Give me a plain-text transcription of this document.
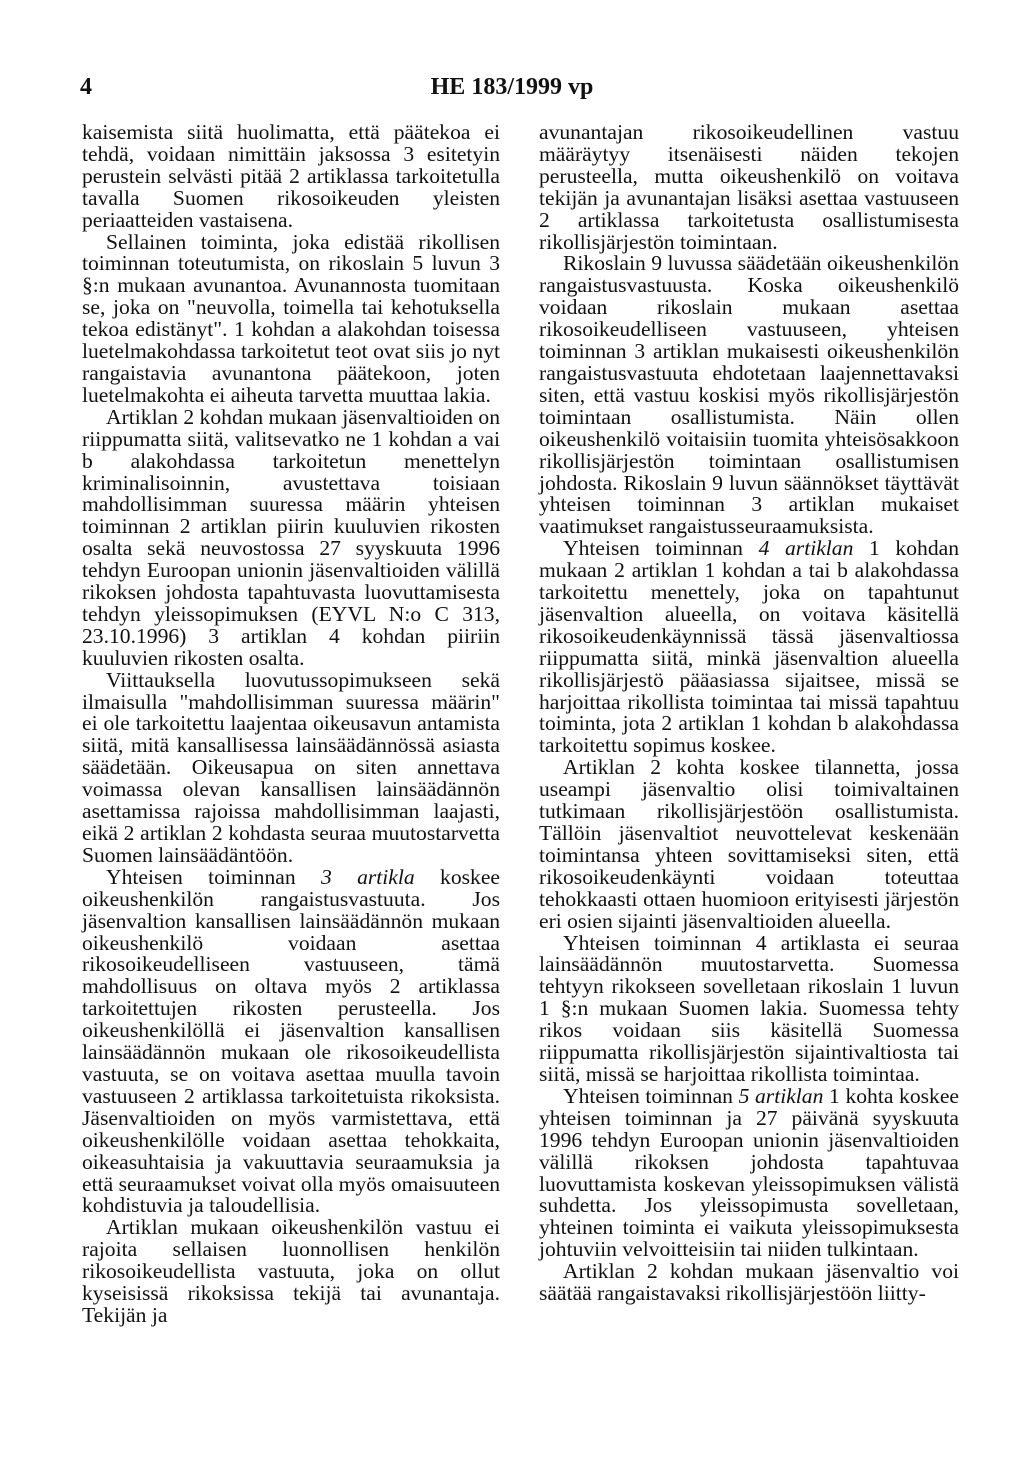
4	HE 183/1999 vp

kaisemista siitä huolimatta, että päätekoa ei tehdä, voidaan nimittäin jaksossa 3 esitetyin perustein selvästi pitää 2 artiklassa tarkoitetulla tavalla Suomen rikosoikeuden yleisten periaatteiden vastaisena.

Sellainen toiminta, joka edistää rikollisen toiminnan toteutumista, on rikoslain 5 luvun 3 §:n mukaan avunantoa. Avunannosta tuomitaan se, joka on "neuvolla, toimella tai kehotuksella tekoa edistänyt". 1 kohdan a alakohdan toisessa luetelmakohdassa tarkoitetut teot ovat siis jo nyt rangaistavia avunantona päätekoon, joten luetelmakohta ei aiheuta tarvetta muuttaa lakia.

Artiklan 2 kohdan mukaan jäsenvaltioiden on riippumatta siitä, valitsevatko ne 1 kohdan a vai b alakohdassa tarkoitetun menettelyn kriminalisoinnin, avustettava toisiaan mahdollisimman suuressa määrin yhteisen toiminnan 2 artiklan piirin kuuluvien rikosten osalta sekä neuvostossa 27 syyskuuta 1996 tehdyn Euroopan unionin jäsenvaltioiden välillä rikoksen johdosta tapahtuvasta luovuttamisesta tehdyn yleissopimuksen (EYVL N:o C 313, 23.10.1996) 3 artiklan 4 kohdan piiriin kuuluvien rikosten osalta.

Viittauksella luovutussopimukseen sekä ilmaisulla "mahdollisimman suuressa määrin" ei ole tarkoitettu laajentaa oikeusavun antamista siitä, mitä kansallisessa lainsäädännössä asiasta säädetään. Oikeusapua on siten annettava voimassa olevan kansallisen lainsäädännön asettamissa rajoissa mahdollisimman laajasti, eikä 2 artiklan 2 kohdasta seuraa muutostarvetta Suomen lainsäädäntöön.

Yhteisen toiminnan 3 artikla koskee oikeushenkilön rangaistusvastuuta. Jos jäsenvaltion kansallisen lainsäädännön mukaan oikeushenkilö voidaan asettaa rikosoikeudelliseen vastuuseen, tämä mahdollisuus on oltava myös 2 artiklassa tarkoitettujen rikosten perusteella. Jos oikeushenkilöllä ei jäsenvaltion kansallisen lainsäädännön mukaan ole rikosoikeudellista vastuuta, se on voitava asettaa muulla tavoin vastuuseen 2 artiklassa tarkoitetuista rikoksista. Jäsenvaltioiden on myös varmistettava, että oikeushenkilölle voidaan asettaa tehokkaita, oikeasuhtaisia ja vakuuttavia seuraamuksia ja että seuraamukset voivat olla myös omaisuuteen kohdistuvia ja taloudellisia.

Artiklan mukaan oikeushenkilön vastuu ei rajoita sellaisen luonnollisen henkilön rikosoikeudellista vastuuta, joka on ollut kyseisissä rikoksissa tekijä tai avunantaja. Tekijän ja

avunantajan rikosoikeudellinen vastuu määräytyy itsenäisesti näiden tekojen perusteella, mutta oikeushenkilö on voitava tekijän ja avunantajan lisäksi asettaa vastuuseen 2 artiklassa tarkoitetusta osallistumisesta rikollisjärjestön toimintaan.

Rikoslain 9 luvussa säädetään oikeushenkilön rangaistusvastuusta. Koska oikeushenkilö voidaan rikoslain mukaan asettaa rikosoikeudelliseen vastuuseen, yhteisen toiminnan 3 artiklan mukaisesti oikeushenkilön rangaistusvastuuta ehdotetaan laajennettavaksi siten, että vastuu koskisi myös rikollisjärjestön toimintaan osallistumista. Näin ollen oikeushenkilö voitaisiin tuomita yhteisösakkoon rikollisjärjestön toimintaan osallistumisen johdosta. Rikoslain 9 luvun säännökset täyttävät yhteisen toiminnan 3 artiklan mukaiset vaatimukset rangaistusseuraamuksista.

Yhteisen toiminnan 4 artiklan 1 kohdan mukaan 2 artiklan 1 kohdan a tai b alakohdassa tarkoitettu menettely, joka on tapahtunut jäsenvaltion alueella, on voitava käsitellä rikosoikeudenkäynnissä tässä jäsenvaltiossa riippumatta siitä, minkä jäsenvaltion alueella rikollisjärjestö pääasiassa sijaitsee, missä se harjoittaa rikollista toimintaa tai missä tapahtuu toiminta, jota 2 artiklan 1 kohdan b alakohdassa tarkoitettu sopimus koskee.

Artiklan 2 kohta koskee tilannetta, jossa useampi jäsenvaltio olisi toimivaltainen tutkimaan rikollisjärjestöön osallistumista. Tällöin jäsenvaltiot neuvottelevat keskenään toimintansa yhteen sovittamiseksi siten, että rikosoikeudenkäynti voidaan toteuttaa tehokkaasti ottaen huomioon erityisesti järjestön eri osien sijainti jäsenvaltioiden alueella.

Yhteisen toiminnan 4 artiklasta ei seuraa lainsäädännön muutostarvetta. Suomessa tehtyyn rikokseen sovelletaan rikoslain 1 luvun 1 §:n mukaan Suomen lakia. Suomessa tehty rikos voidaan siis käsitellä Suomessa riippumatta rikollisjärjestön sijaintivaltiosta tai siitä, missä se harjoittaa rikollista toimintaa.

Yhteisen toiminnan 5 artiklan 1 kohta koskee yhteisen toiminnan ja 27 päivänä syyskuuta 1996 tehdyn Euroopan unionin jäsenvaltioiden välillä rikoksen johdosta tapahtuvaa luovuttamista koskevan yleissopimuksen välistä suhdetta. Jos yleissopimusta sovelletaan, yhteinen toiminta ei vaikuta yleissopimuksesta johtuviin velvoitteisiin tai niiden tulkintaan.

Artiklan 2 kohdan mukaan jäsenvaltio voi säätää rangaistavaksi rikollisjärjestöön liitty-
